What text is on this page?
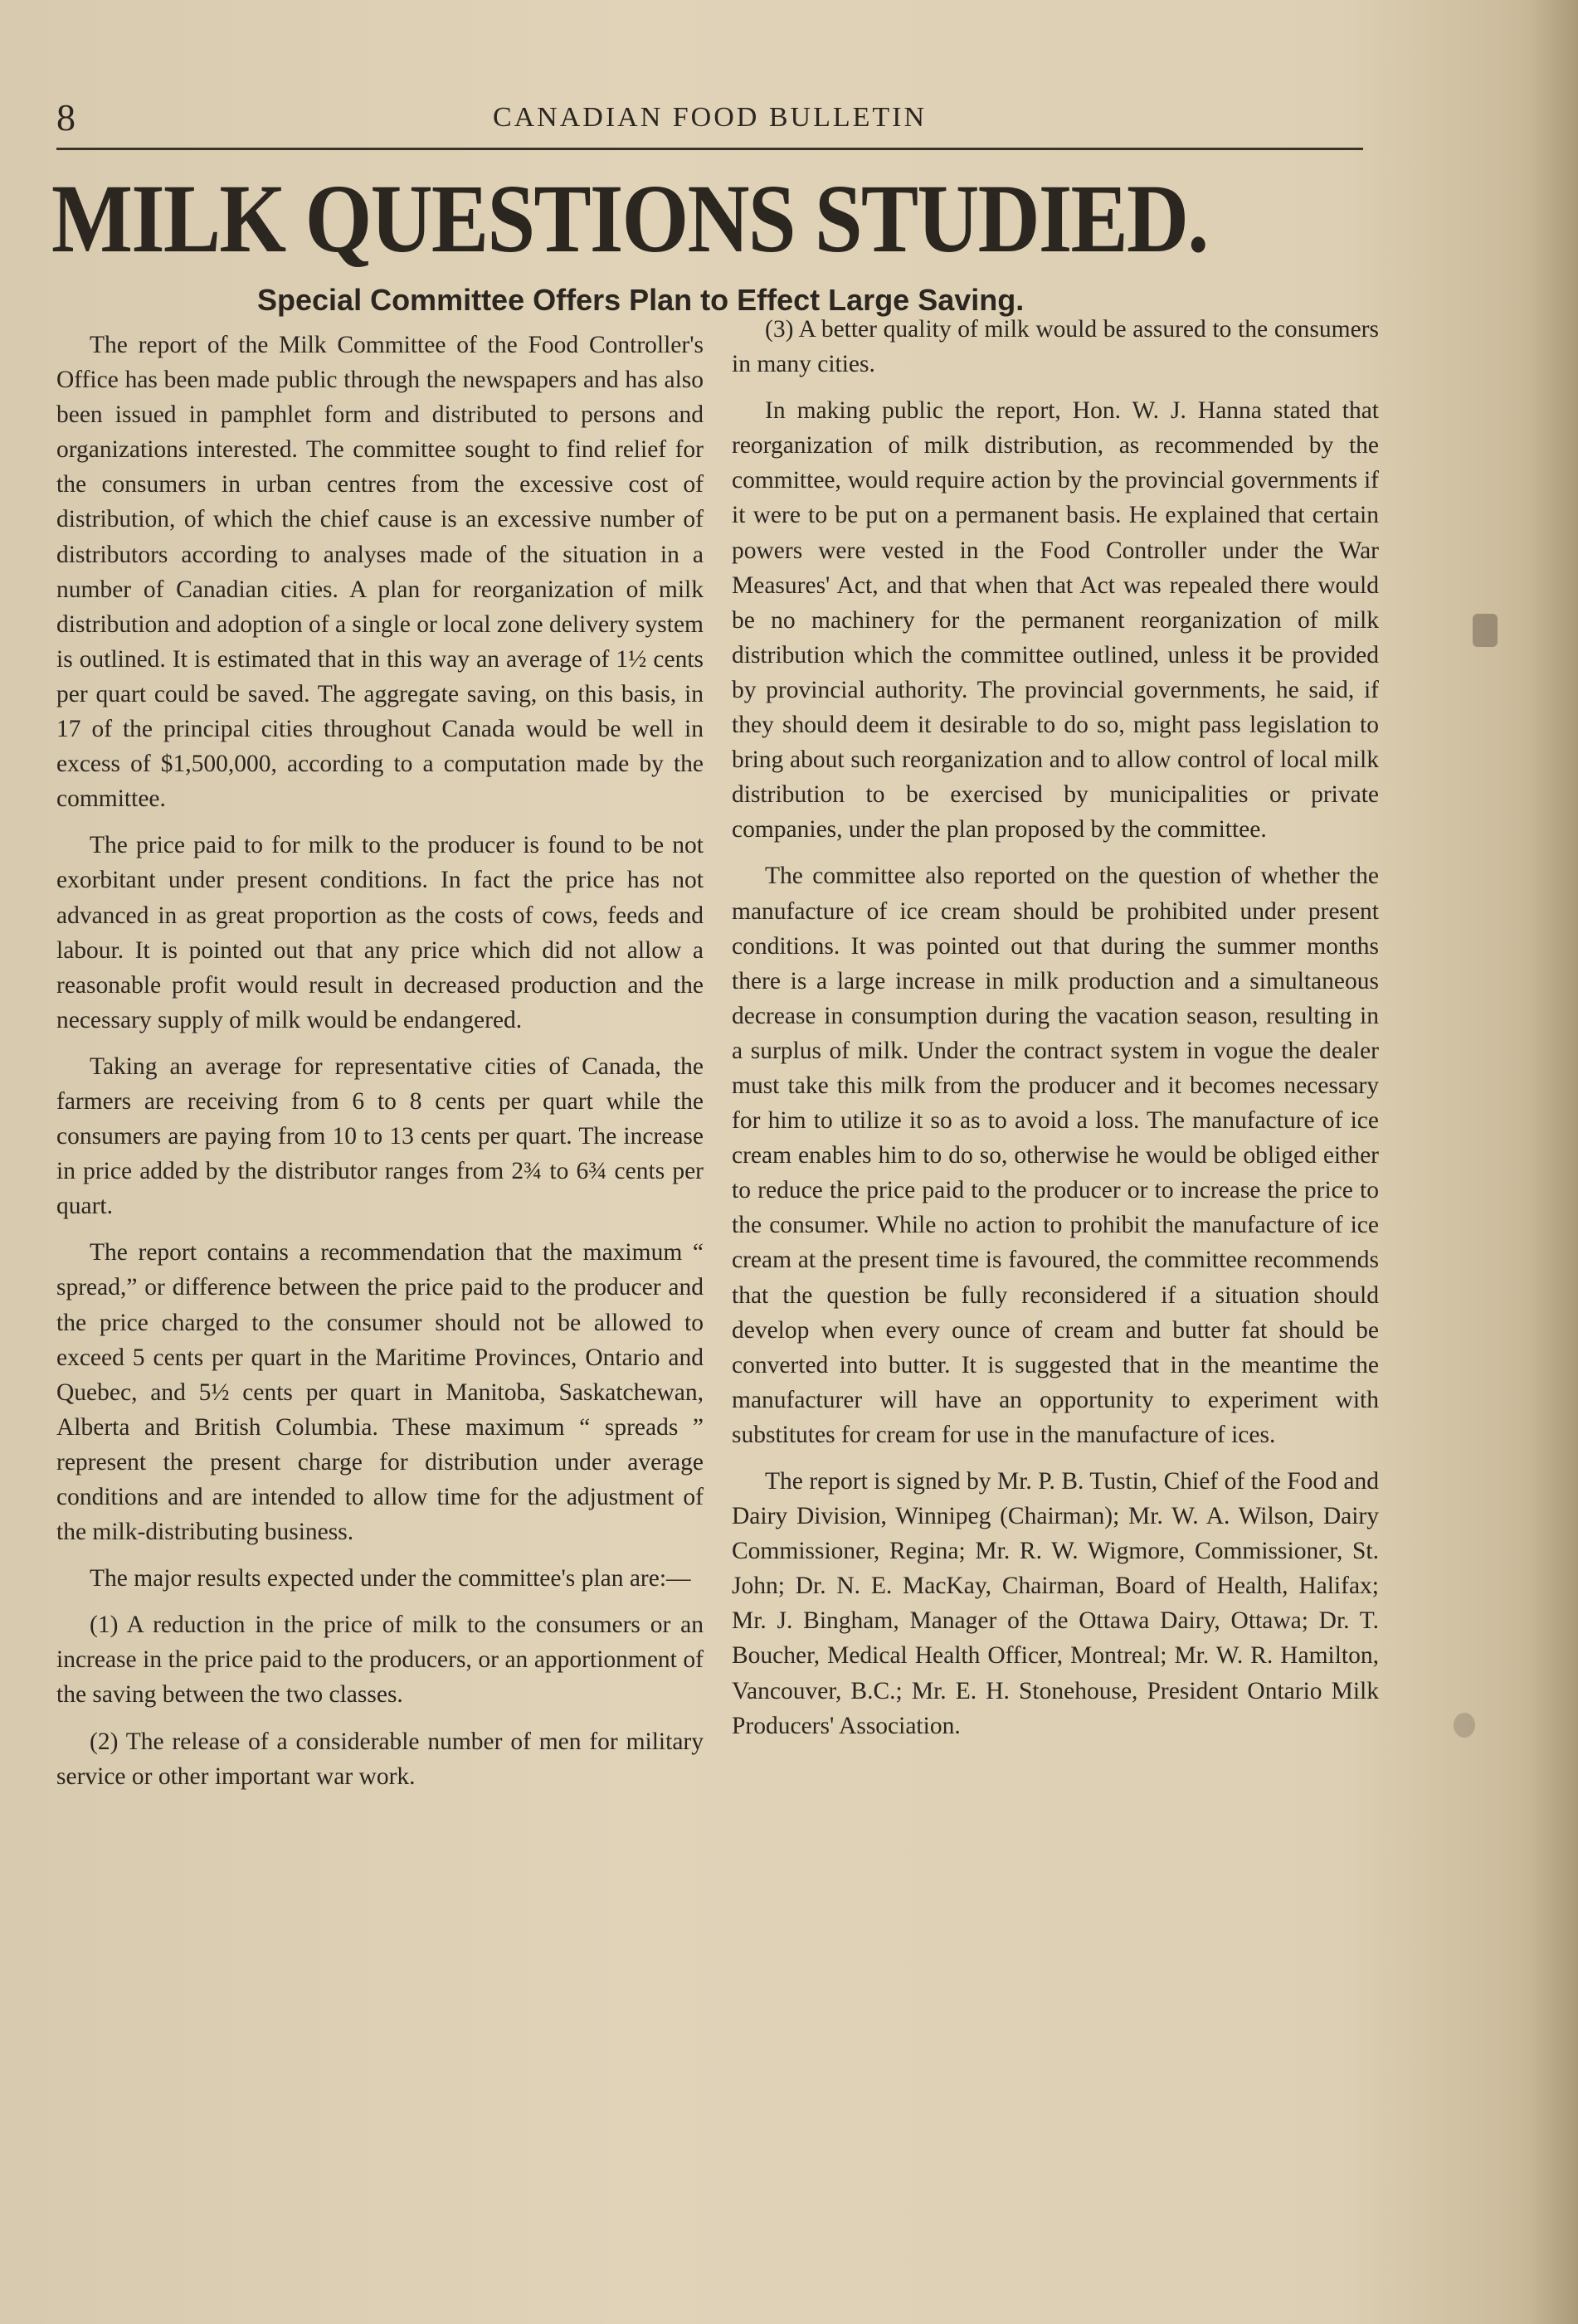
8	CANADIAN FOOD BULLETIN
MILK QUESTIONS STUDIED.
Special Committee Offers Plan to Effect Large Saving.

The report of the Milk Committee of the Food Controller's Office has been made public through the newspapers and has also been issued in pamphlet form and distributed to persons and organizations interested. The committee sought to find relief for the consumers in urban centres from the excessive cost of distribution, of which the chief cause is an excessive number of distributors according to analyses made of the situation in a number of Canadian cities. A plan for reorganization of milk distribution and adoption of a single or local zone delivery system is outlined. It is estimated that in this way an average of 1½ cents per quart could be saved. The aggregate saving, on this basis, in 17 of the principal cities throughout Canada would be well in excess of $1,500,000, according to a computation made by the committee.

The price paid to for milk to the producer is found to be not exorbitant under present conditions. In fact the price has not advanced in as great proportion as the costs of cows, feeds and labour. It is pointed out that any price which did not allow a reasonable profit would result in decreased production and the necessary supply of milk would be endangered.

Taking an average for representative cities of Canada, the farmers are receiving from 6 to 8 cents per quart while the consumers are paying from 10 to 13 cents per quart. The increase in price added by the distributor ranges from 2¾ to 6¾ cents per quart.

The report contains a recommendation that the maximum “ spread,” or difference between the price paid to the producer and the price charged to the consumer should not be allowed to exceed 5 cents per quart in the Maritime Provinces, Ontario and Quebec, and 5½ cents per quart in Manitoba, Saskatchewan, Alberta and British Columbia. These maximum “ spreads ” represent the present charge for distribution under average conditions and are intended to allow time for the adjustment of the milk-distributing business.

The major results expected under the committee's plan are:—

(1) A reduction in the price of milk to the consumers or an increase in the price paid to the producers, or an apportionment of the saving between the two classes.

(2) The release of a considerable number of men for military service or other important war work.

(3) A better quality of milk would be assured to the consumers in many cities.

In making public the report, Hon. W. J. Hanna stated that reorganization of milk distribution, as recommended by the committee, would require action by the provincial governments if it were to be put on a permanent basis. He explained that certain powers were vested in the Food Controller under the War Measures' Act, and that when that Act was repealed there would be no machinery for the permanent reorganization of milk distribution which the committee outlined, unless it be provided by provincial authority. The provincial governments, he said, if they should deem it desirable to do so, might pass legislation to bring about such reorganization and to allow control of local milk distribution to be exercised by municipalities or private companies, under the plan proposed by the committee.

The committee also reported on the question of whether the manufacture of ice cream should be prohibited under present conditions. It was pointed out that during the summer months there is a large increase in milk production and a simultaneous decrease in consumption during the vacation season, resulting in a surplus of milk. Under the contract system in vogue the dealer must take this milk from the producer and it becomes necessary for him to utilize it so as to avoid a loss. The manufacture of ice cream enables him to do so, otherwise he would be obliged either to reduce the price paid to the producer or to increase the price to the consumer. While no action to prohibit the manufacture of ice cream at the present time is favoured, the committee recommends that the question be fully reconsidered if a situation should develop when every ounce of cream and butter fat should be converted into butter. It is suggested that in the meantime the manufacturer will have an opportunity to experiment with substitutes for cream for use in the manufacture of ices.

The report is signed by Mr. P. B. Tustin, Chief of the Food and Dairy Division, Winnipeg (Chairman); Mr. W. A. Wilson, Dairy Commissioner, Regina; Mr. R. W. Wigmore, Commissioner, St. John; Dr. N. E. MacKay, Chairman, Board of Health, Halifax; Mr. J. Bingham, Manager of the Ottawa Dairy, Ottawa; Dr. T. Boucher, Medical Health Officer, Montreal; Mr. W. R. Hamilton, Vancouver, B.C.; Mr. E. H. Stonehouse, President Ontario Milk Producers' Association.
